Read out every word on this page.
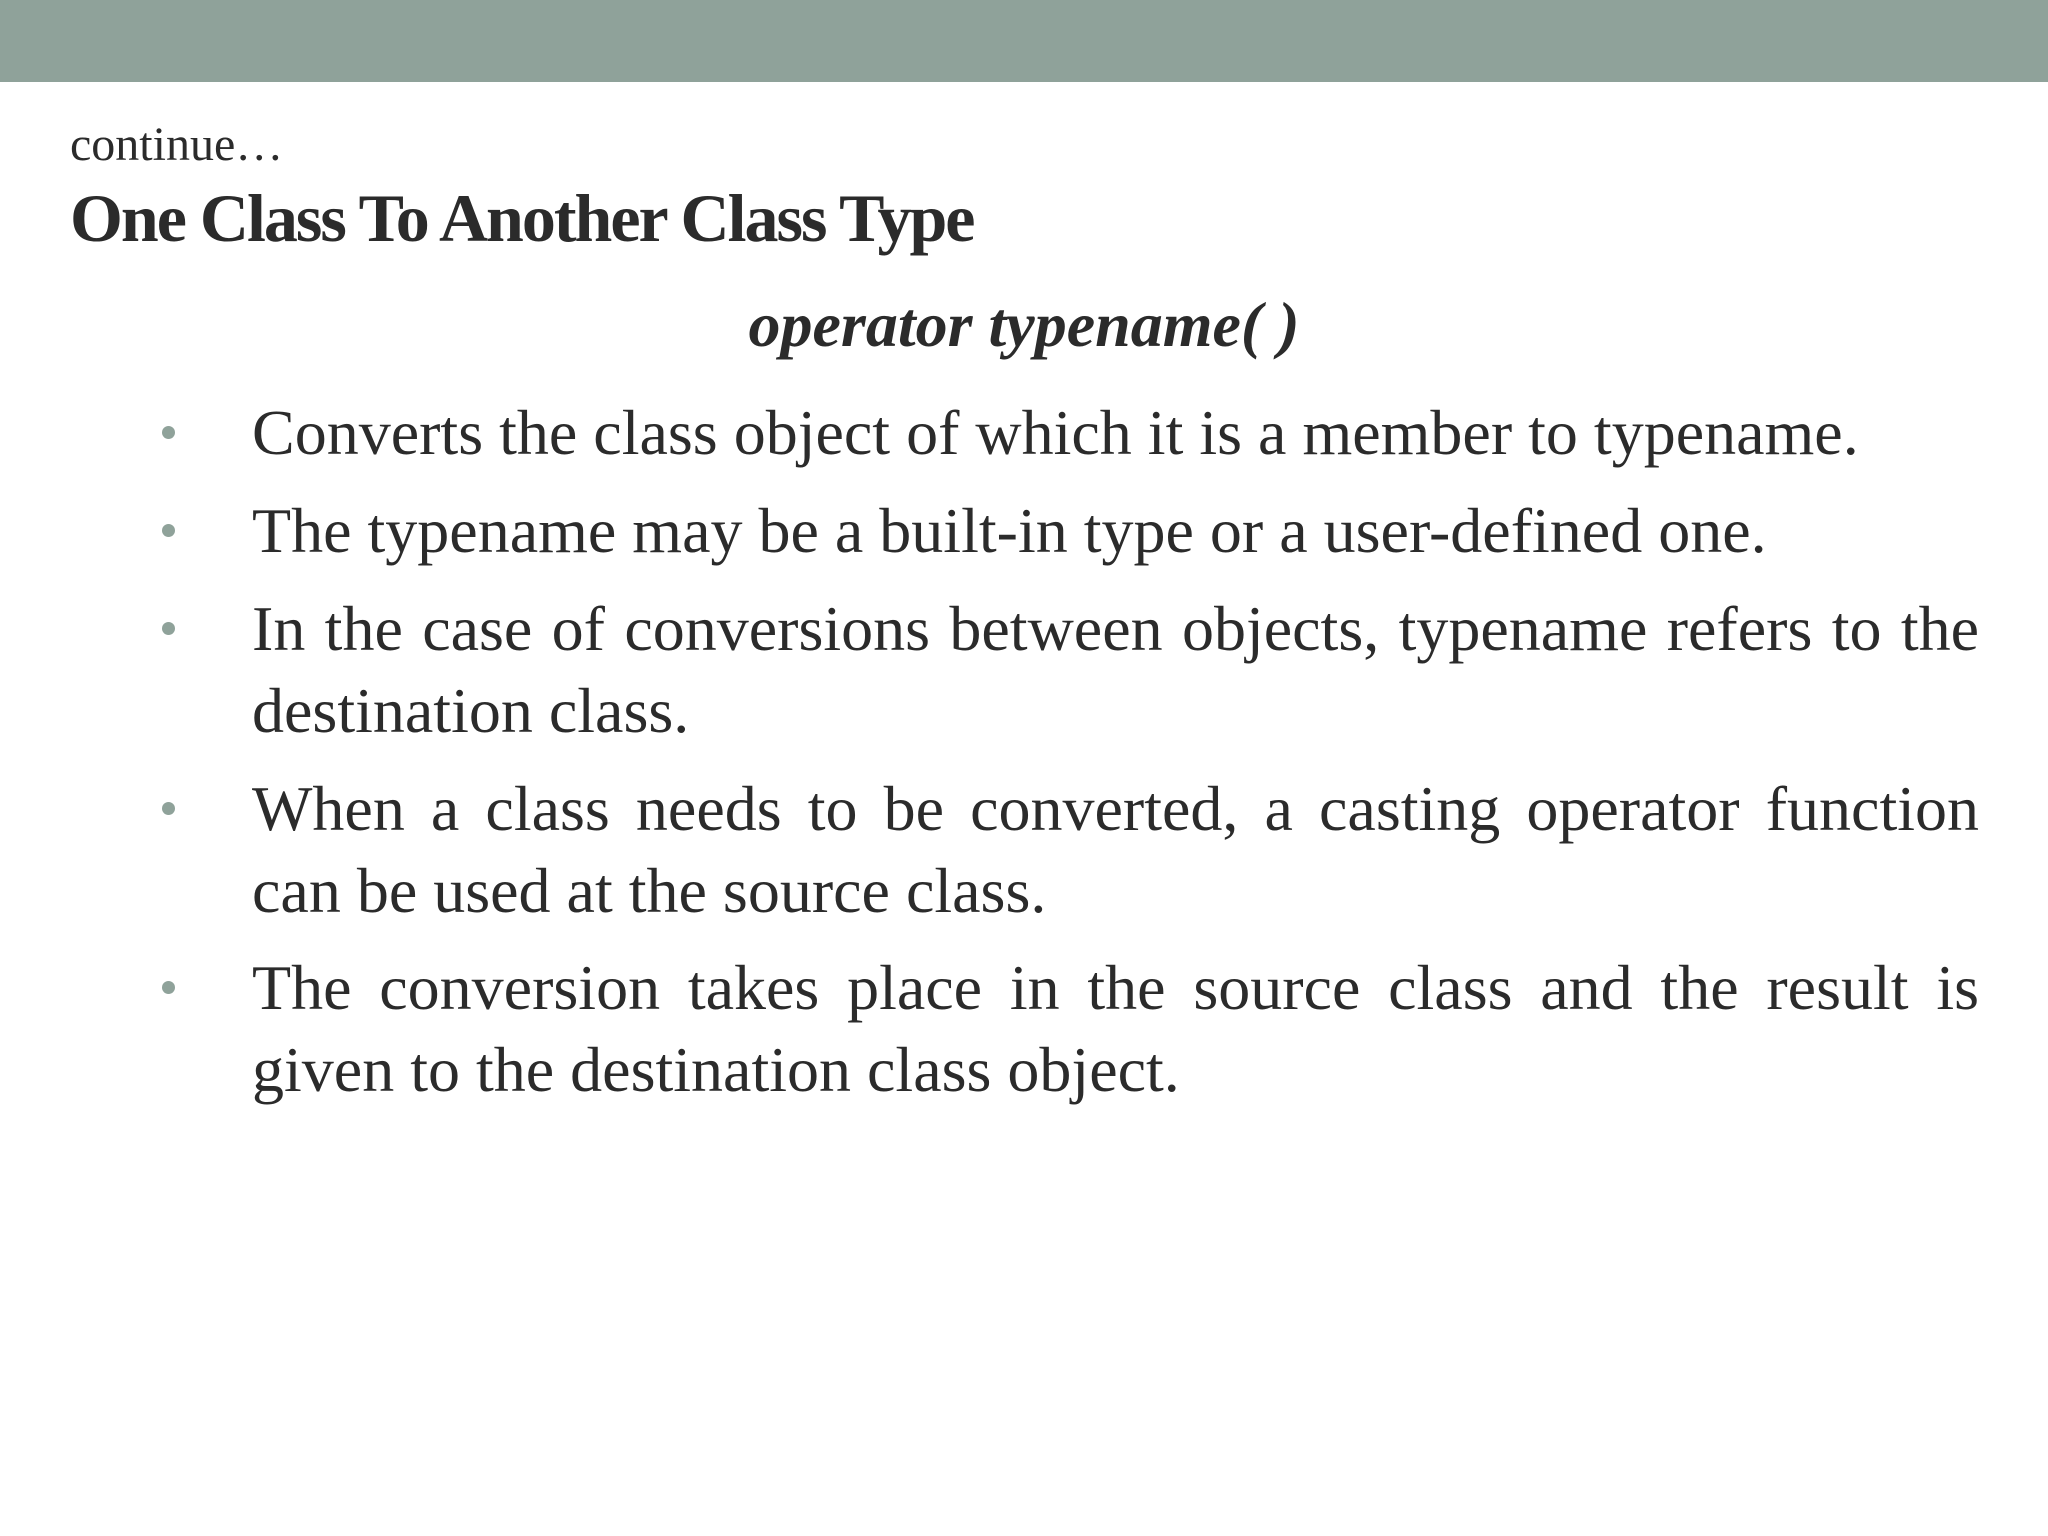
continue…
One Class To Another Class Type
operator typename( )
Converts the class object of which it is a member to typename.
The typename may be a built-in type or a user-defined one.
In the case of conversions between objects, typename refers to the destination class.
When a class needs to be converted, a casting operator function can be used at the source class.
The conversion takes place in the source class and the result is given to the destination class object.
